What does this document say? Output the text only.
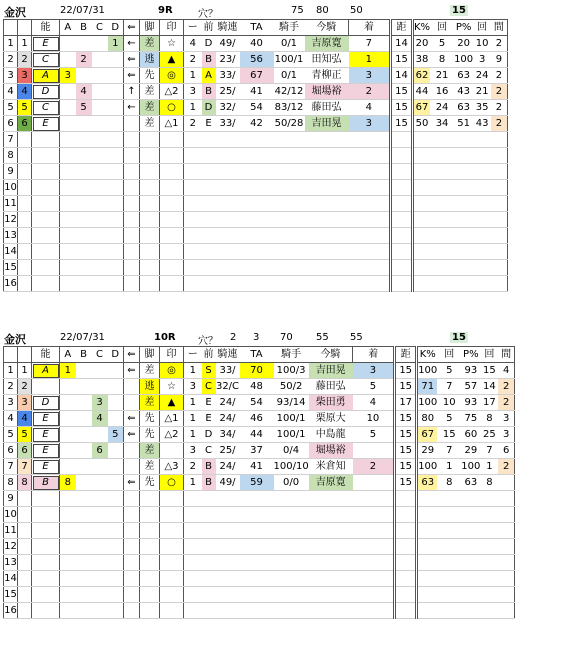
金沢	22/07/31	9R	穴？	75 80 50	15
		能	A	B	C	D	⇐	脚	印	ー	前	騎連	TA	騎手	今騎	着	距	K%	回	P%	回	間
1	1	E				1	←	差	☆	4	D	49/	40	0/1	吉原寛	7	14	20	5	20	10	2
2	2	C		2			⇐	逃	▲	2	B	23/	56	100/1	田知弘	1	15	38	8	100	3	9
3	3	A	3				⇐	先	◎	1	A	33/	67	0/1	青柳正	3	14	62	21	63	24	2
4	4	D		4			↑	差	△2	3	B	25/	41	42/12	堀場裕	2	15	44	16	43	21	2
5	5	C		5			←	差	○	1	D	32/	54	83/12	藤田弘	4	15	67	24	63	35	2
6	6	E						差	△1	2	E	33/	42	50/28	吉田晃	3	15	50	34	51	43	2
7																						
8																						
9																						
10																						
11																						
12																						
13																						
14																						
15																						
16																						
金沢	22/07/31	10R 穴？ 2 3 70 55 55	15
		能	A	B	C	D	⇐	脚	印	ー	前	騎連	TA	騎手	今騎	着	距	K%	回	P%	回	間
1	1	A	1				⇐	差	◎	1	S	33/	70	100/3	吉田晃	3	15	100	5	93	15	4
2	2							逃	☆	3	C	32/C	48	50/2	藤田弘	5	15	71	7	57	14	2
3	3	D			3			差	▲	1	E	24/	54	93/14	柴田勇	4	17	100	10	93	17	2
4	4	E			4		⇐	先	△1	1	E	24/	46	100/1	栗原大	10	15	80	5	75	8	3
5	5	E				5	⇐	先	△2	1	D	34/	44	100/1	中島龍	5	15	67	15	60	25	3
6	6	E			6			差		3	C	25/	37	0/4	堀場裕		15	29	7	29	7	6
7	7	E						差	△3	2	B	24/	41	100/10	米倉知	2	15	100	1	100	1	2
8	8	B	8				⇐	先	○	1	B	49/	59	0/0	吉原寛		15	63	8	63	8	
9																						
10																						
11																						
12																						
13																						
14																						
15																						
16																						
